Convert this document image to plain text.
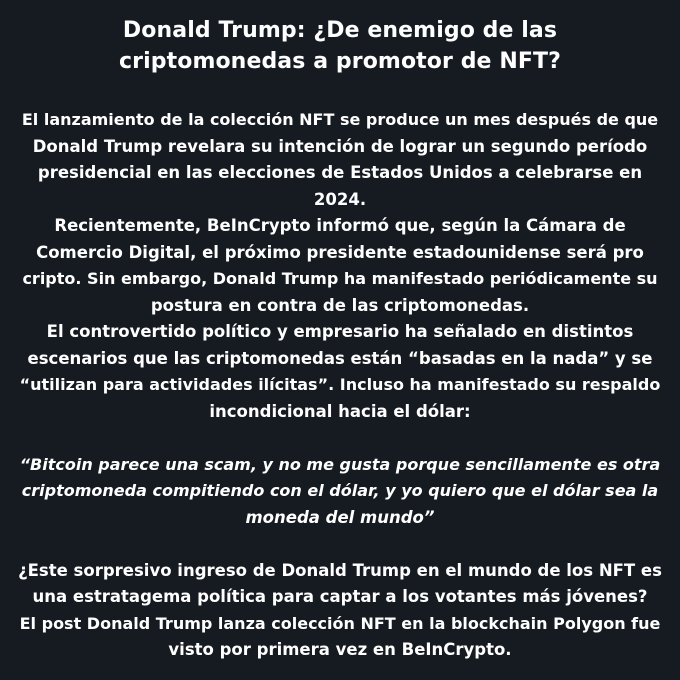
Donald Trump: ¿De enemigo de las
criptomonedas a promotor de NFT?
El lanzamiento de la colección NFT se produce un mes después de que
Donald Trump revelara su intención de lograr un segundo período
presidencial en las elecciones de Estados Unidos a celebrarse en
2024.
Recientemente, BeInCrypto informó que, según la Cámara de
Comercio Digital, el próximo presidente estadounidense será pro
cripto. Sin embargo, Donald Trump ha manifestado periódicamente su
postura en contra de las criptomonedas.
El controvertido político y empresario ha señalado en distintos
escenarios que las criptomonedas están “basadas en la nada” y se
“utilizan para actividades ilícitas”. Incluso ha manifestado su respaldo
incondicional hacia el dólar:
“Bitcoin parece una scam, y no me gusta porque sencillamente es otra
criptomoneda compitiendo con el dólar, y yo quiero que el dólar sea la
moneda del mundo”
¿Este sorpresivo ingreso de Donald Trump en el mundo de los NFT es
una estratagema política para captar a los votantes más jóvenes?
El post Donald Trump lanza colección NFT en la blockchain Polygon fue
visto por primera vez en BeInCrypto.
